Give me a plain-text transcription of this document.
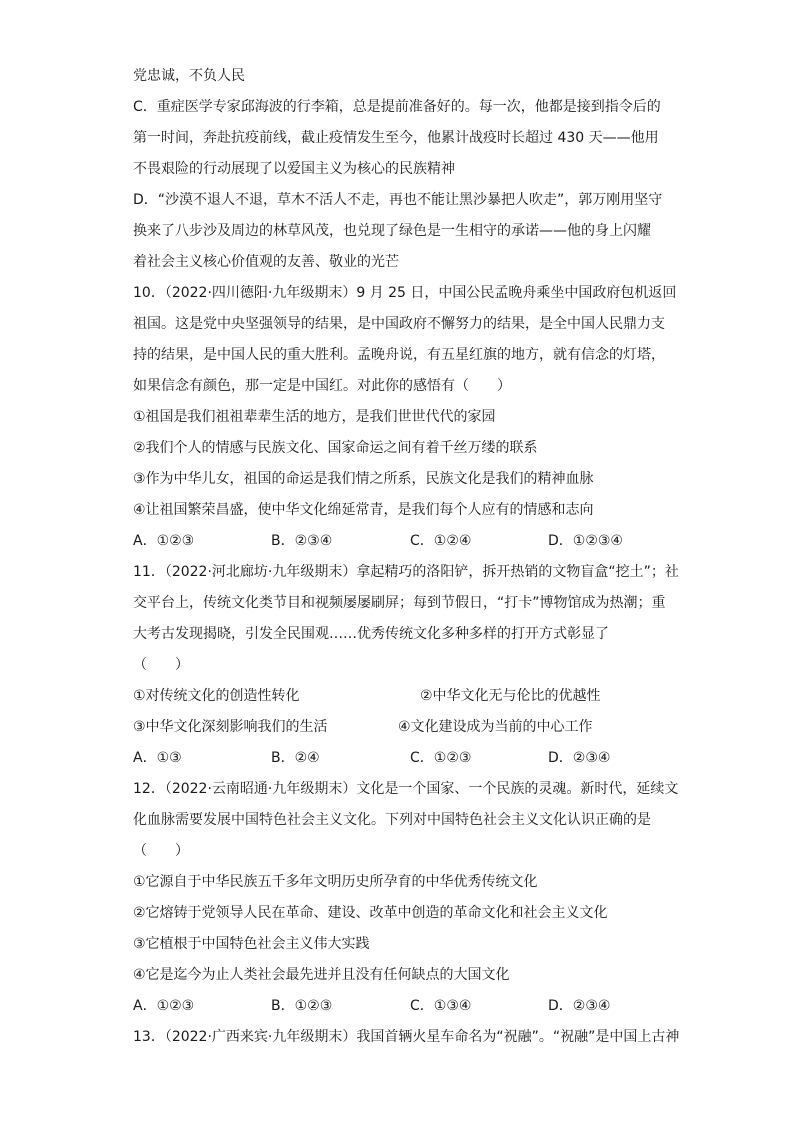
党忠诚，不负人民
C．重症医学专家邱海波的行李箱，总是提前准备好的。每一次，他都是接到指令后的
第一时间，奔赴抗疫前线，截止疫情发生至今，他累计战疫时长超过 430 天——他用
不畏艰险的行动展现了以爱国主义为核心的民族精神
D．“沙漠不退人不退，草木不活人不走，再也不能让黑沙暴把人吹走”，郭万刚用坚守
换来了八步沙及周边的林草风茂，也兑现了绿色是一生相守的承诺——他的身上闪耀
着社会主义核心价值观的友善、敬业的光芒
10．（2022·四川德阳·九年级期末）9 月 25 日，中国公民孟晚舟乘坐中国政府包机返回
祖国。这是党中央坚强领导的结果，是中国政府不懈努力的结果，是全中国人民鼎力支
持的结果，是中国人民的重大胜利。孟晚舟说，有五星红旗的地方，就有信念的灯塔，
如果信念有颜色，那一定是中国红。对此你的感悟有（　　）
①祖国是我们祖祖辈辈生活的地方，是我们世世代代的家园
②我们个人的情感与民族文化、国家命运之间有着千丝万缕的联系
③作为中华儿女，祖国的命运是我们情之所系，民族文化是我们的精神血脉
④让祖国繁荣昌盛，使中华文化绵延常青，是我们每个人应有的情感和志向
A．①②③	B．②③④	C．①②④	D．①②③④
11．（2022·河北廊坊·九年级期末）拿起精巧的洛阳铲，拆开热销的文物盲盒“挖土”；社
交平台上，传统文化类节目和视频屡屡刷屏；每到节假日，“打卡”博物馆成为热潮；重
大考古发现揭晓，引发全民围观……优秀传统文化多种多样的打开方式彰显了
（　　）
①对传统文化的创造性转化	②中华文化无与伦比的优越性
③中华文化深刻影响我们的生活	④文化建设成为当前的中心工作
A．①③	B．②④	C．①②③	D．②③④
12．（2022·云南昭通·九年级期末）文化是一个国家、一个民族的灵魂。新时代，延续文
化血脉需要发展中国特色社会主义文化。下列对中国特色社会主义文化认识正确的是
（　　）
①它源自于中华民族五千多年文明历史所孕育的中华优秀传统文化
②它熔铸于党领导人民在革命、建设、改革中创造的革命文化和社会主义文化
③它植根于中国特色社会主义伟大实践
④它是迄今为止人类社会最先进并且没有任何缺点的大国文化
A．①②③	B．①②③	C．①③④	D．②③④
13．（2022·广西来宾·九年级期末）我国首辆火星车命名为“祝融”。“祝融”是中国上古神
